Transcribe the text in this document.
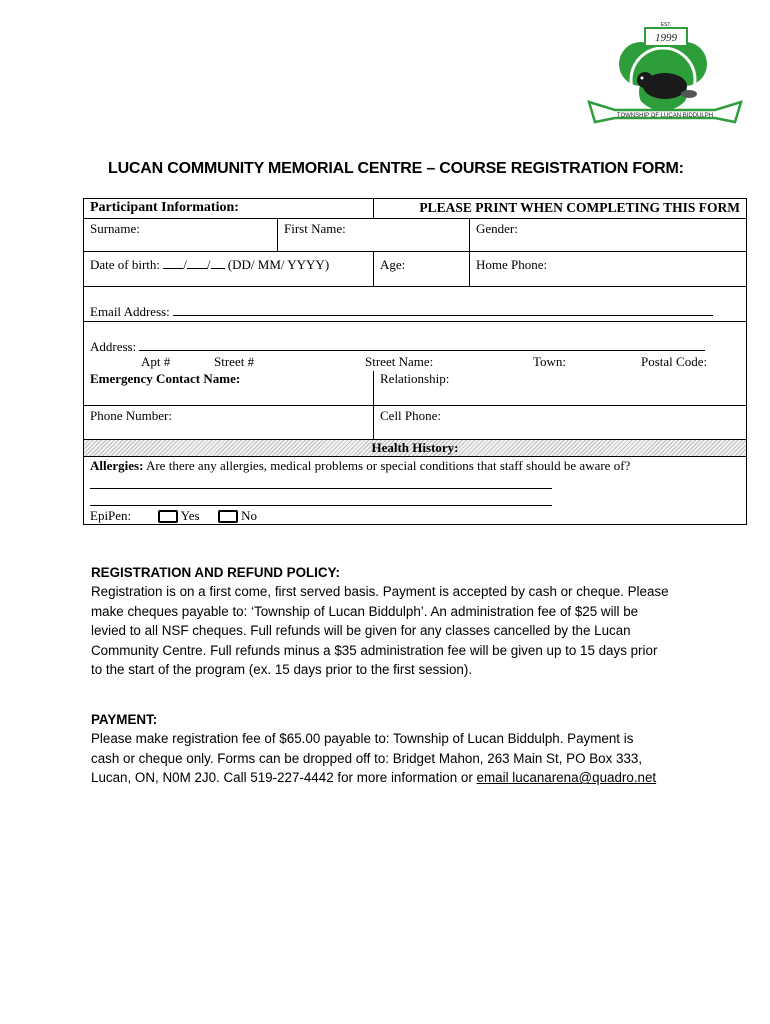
1999
EST.
TOWNSHIP OF LUCAN BIDDULPH
LUCAN COMMUNITY MEMORIAL CENTRE – COURSE REGISTRATION FORM:
Participant Information:	PLEASE PRINT WHEN COMPLETING THIS FORM
Surname:	First Name:	Gender:
Date of birth: / / (DD/ MM/ YYYY)	Age:	Home Phone:
Email Address:
Address:
Apt #	Street #	Street Name:	Town:	Postal Code:
Emergency Contact Name:	Relationship:
Phone Number:	Cell Phone:
Health History:
Allergies: Are there any allergies, medical problems or special conditions that staff should be aware of?
EpiPen:	Yes	No
REGISTRATION AND REFUND POLICY:
Registration is on a first come, first served basis. Payment is accepted by cash or cheque. Please
make cheques payable to: ‘Township of Lucan Biddulph’. An administration fee of $25 will be
levied to all NSF cheques. Full refunds will be given for any classes cancelled by the Lucan
Community Centre. Full refunds minus a $35 administration fee will be given up to 15 days prior
to the start of the program (ex. 15 days prior to the first session).
PAYMENT:
Please make registration fee of $65.00 payable to: Township of Lucan Biddulph. Payment is
cash or cheque only. Forms can be dropped off to: Bridget Mahon, 263 Main St, PO Box 333,
Lucan, ON, N0M 2J0. Call 519-227-4442 for more information or email lucanarena@quadro.net
